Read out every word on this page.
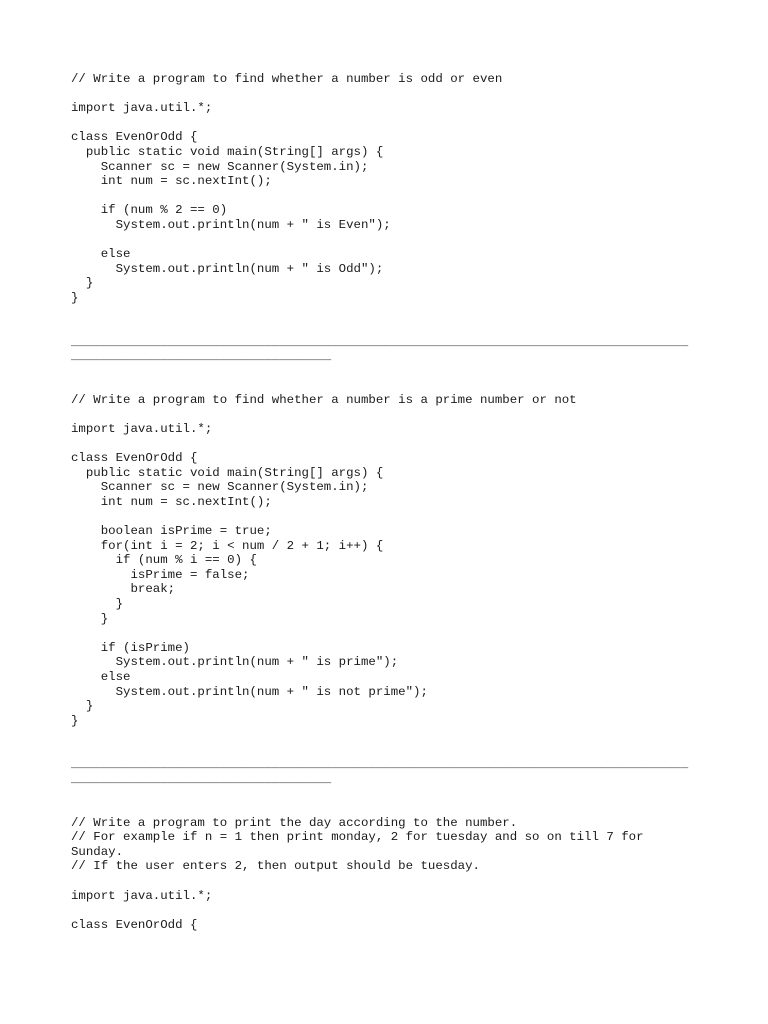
// Write a program to find whether a number is odd or even
import java.util.*;
class EvenOrOdd {
public static void main(String[] args) {
Scanner sc = new Scanner(System.in);
int num = sc.nextInt();
if (num % 2 == 0)
System.out.println(num + " is Even");
else
System.out.println(num + " is Odd");
}
}
___________________________________________________________________________________
___________________________________
// Write a program to find whether a number is a prime number or not
import java.util.*;
class EvenOrOdd {
public static void main(String[] args) {
Scanner sc = new Scanner(System.in);
int num = sc.nextInt();
boolean isPrime = true;
for(int i = 2; i < num / 2 + 1; i++) {
if (num % i == 0) {
isPrime = false;
break;
}
}
if (isPrime)
System.out.println(num + " is prime");
else
System.out.println(num + " is not prime");
}
}
___________________________________________________________________________________
___________________________________
// Write a program to print the day according to the number.
// For example if n = 1 then print monday, 2 for tuesday and so on till 7 for
Sunday.
// If the user enters 2, then output should be tuesday.
import java.util.*;
class EvenOrOdd {
